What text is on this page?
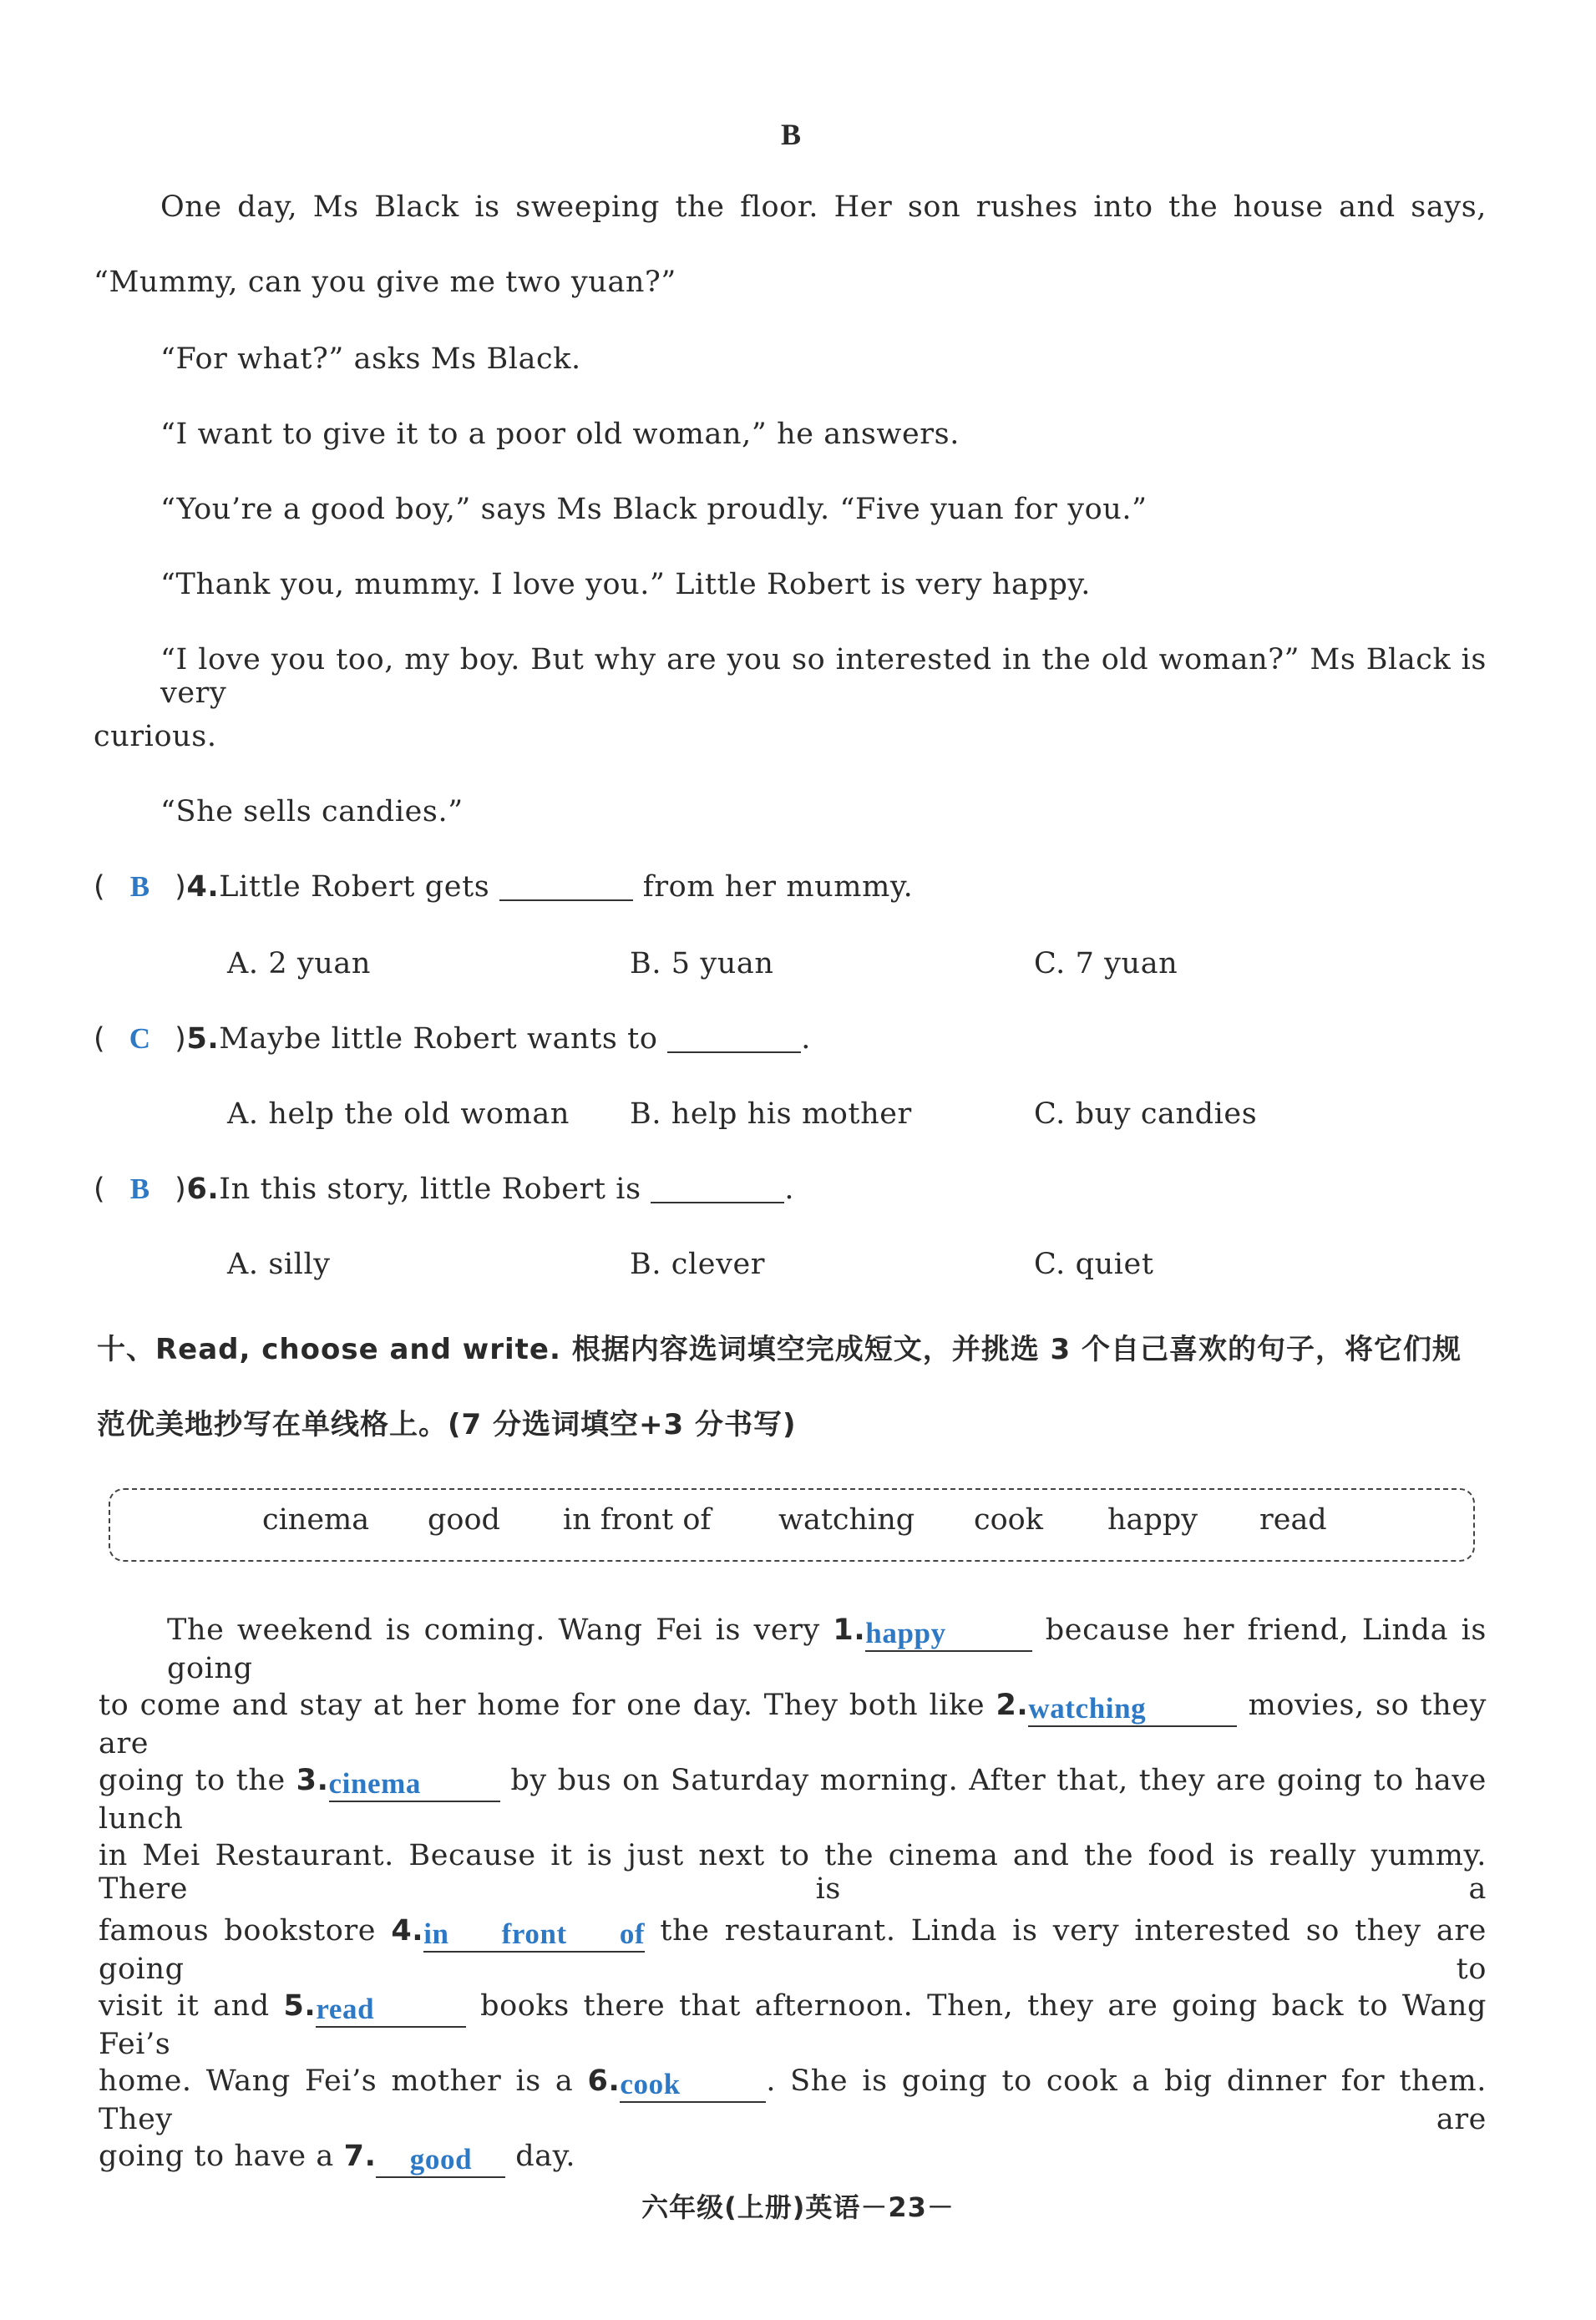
B
One day, Ms Black is sweeping the floor. Her son rushes into the house and says,
“Mummy, can you give me two yuan?”
“For what?” asks Ms Black.
“I want to give it to a poor old woman,” he answers.
“You’re a good boy,” says Ms Black proudly. “Five yuan for you.”
“Thank you, mummy. I love you.” Little Robert is very happy.
“I love you too, my boy. But why are you so interested in the old woman?” Ms Black is very
curious.
“She sells candies.”
( B )4.Little Robert gets	from her mummy.
A. 2 yuan	B. 5 yuan	C. 7 yuan
( C )5.Maybe little Robert wants to	.
A. help the old woman B. help his mother	C. buy candies
( B )6.In this story, little Robert is	.
A. silly	B. clever	C. quiet
十、Read, choose and write. 根据内容选词填空完成短文，并挑选 3 个自己喜欢的句子，将它们规
范优美地抄写在单线格上。(7 分选词填空+3 分书写)
cinema good in front of watching cook happy read
The weekend is coming. Wang Fei is very 1.happy	because her friend, Linda is going
to come and stay at her home for one day. They both like 2.watching	movies, so they are
going to the 3.cinema	by bus on Saturday morning. After that, they are going to have lunch
in Mei Restaurant. Because it is just next to the cinema and the food is really yummy. There is a
famous bookstore 4.in front of the restaurant. Linda is very interested so they are going to
visit it and 5.read	books there that afternoon. Then, they are going back to Wang Fei’s
home. Wang Fei’s mother is a 6.cook	. She is going to cook a big dinner for them. They are
going to have a 7. good day.
六年级(上册)英语－23－
